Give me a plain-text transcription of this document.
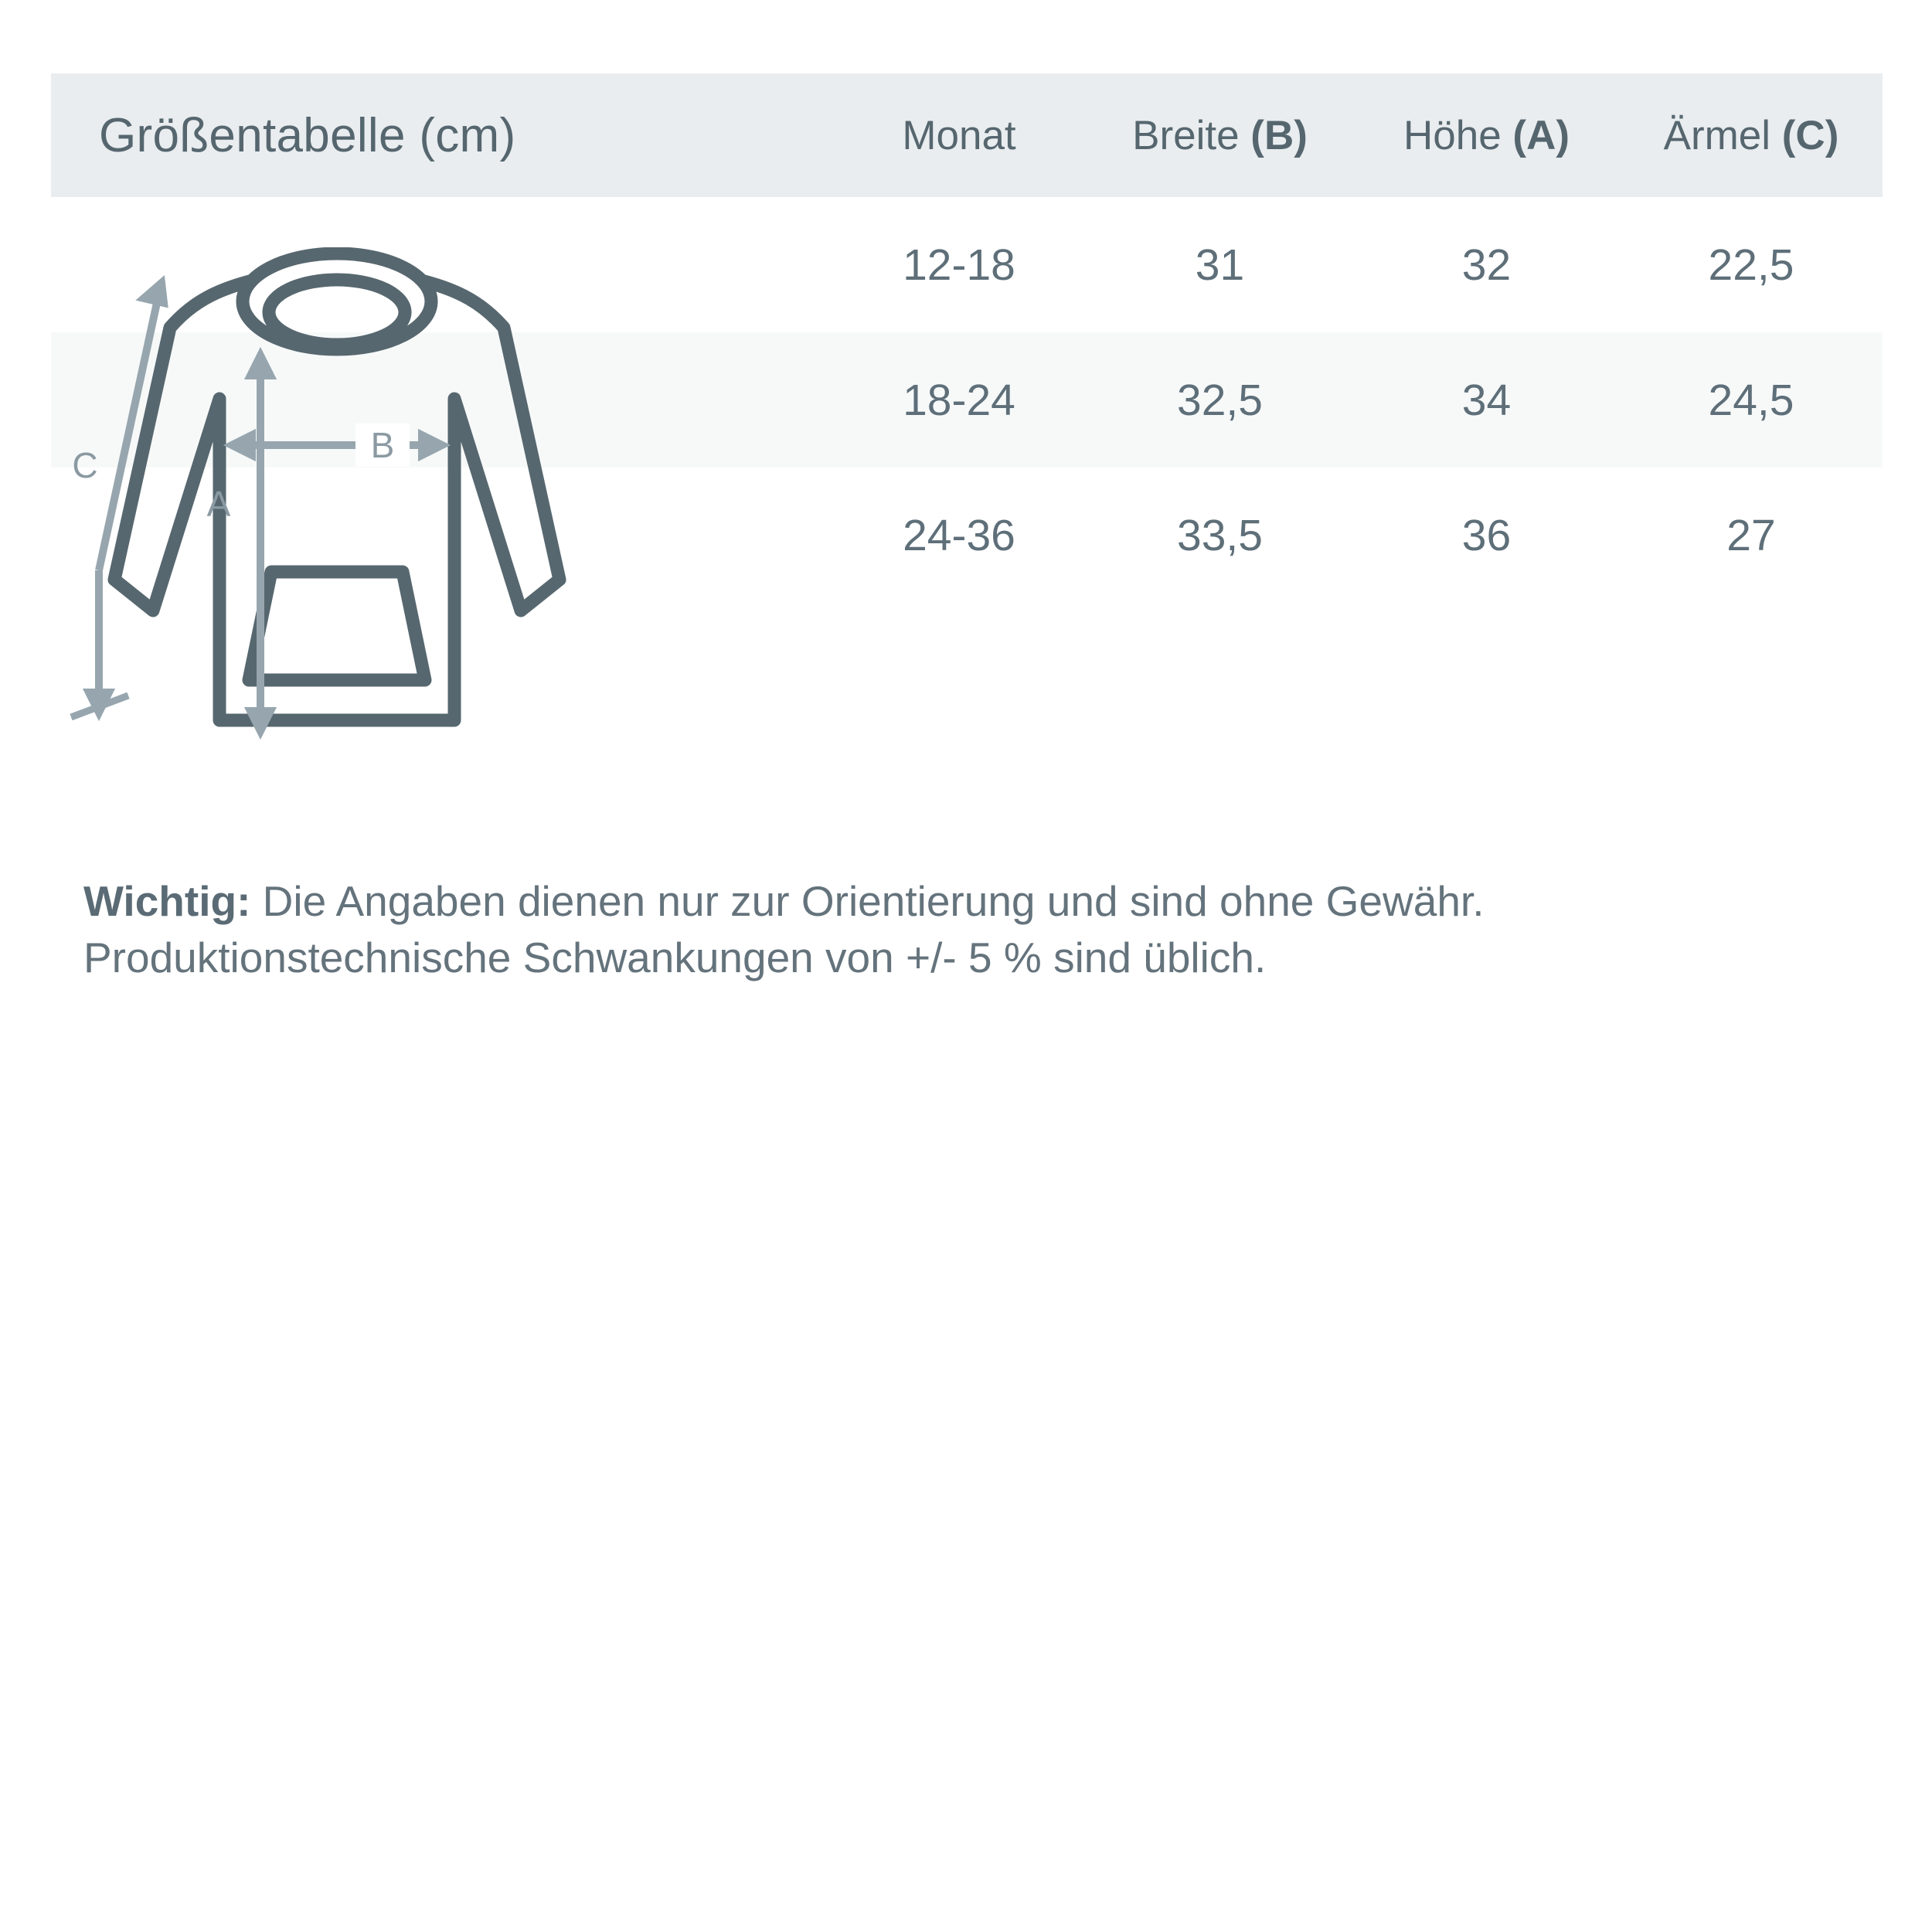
Größentabelle (cm)	Monat	Breite (B)	Höhe (A)	Ärmel (C)
	12-18	31	32	22,5
	18-24	32,5	34	24,5
	24-36	33,5	36	27
B
A
C
Wichtig: Die Angaben dienen nur zur Orientierung und sind ohne Gewähr. Produktionstechnische Schwankungen von +/- 5 % sind üblich.
